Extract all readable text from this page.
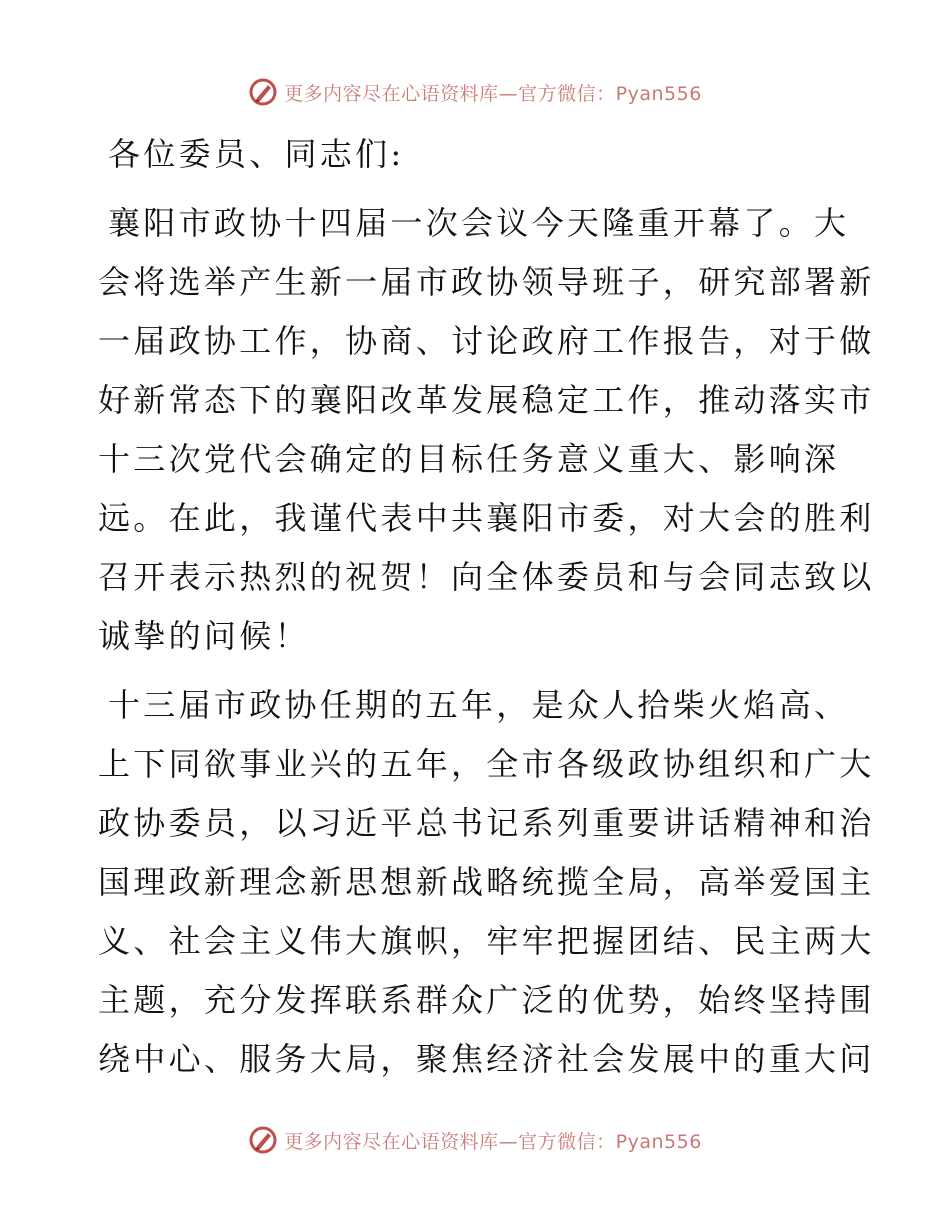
更多内容尽在心语资料库—官方微信：Pyan556
各位委员、同志们:
襄阳市政协十四届一次会议今天隆重开幕了。大
会将选举产生新一届市政协领导班子，研究部署新
一届政协工作，协商、讨论政府工作报告，对于做
好新常态下的襄阳改革发展稳定工作，推动落实市
十三次党代会确定的目标任务意义重大、影响深
远。在此，我谨代表中共襄阳市委，对大会的胜利
召开表示热烈的祝贺！向全体委员和与会同志致以
诚挚的问候！
十三届市政协任期的五年，是众人拾柴火焰高、
上下同欲事业兴的五年，全市各级政协组织和广大
政协委员，以习近平总书记系列重要讲话精神和治
国理政新理念新思想新战略统揽全局，高举爱国主
义、社会主义伟大旗帜，牢牢把握团结、民主两大
主题，充分发挥联系群众广泛的优势，始终坚持围
绕中心、服务大局，聚焦经济社会发展中的重大问
更多内容尽在心语资料库—官方微信：Pyan556
